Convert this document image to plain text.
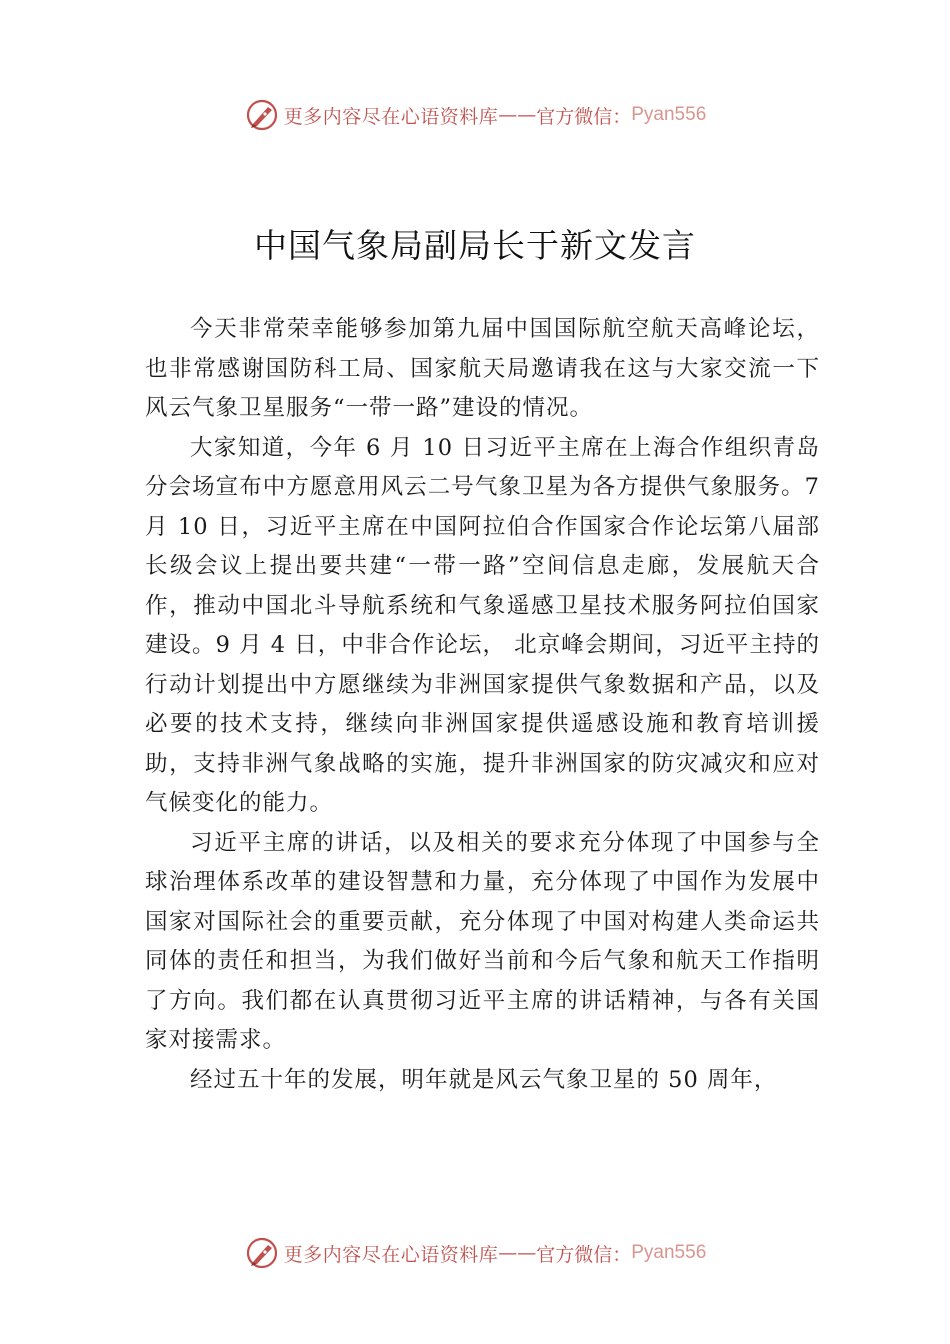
更多内容尽在心语资料库 —— 官方微信： Pyan556
中国气象局副局长于新文发言

今天非常荣幸能够参加第九届中国国际航空航天高峰论坛，也非常感谢国防科工局、国家航天局邀请我在这与大家交流一下风云气象卫星服务“一带一路”建设的情况。

大家知道，今年 6 月 10 日习近平主席在上海合作组织青岛分会场宣布中方愿意用风云二号气象卫星为各方提供气象服务。7 月 10 日，习近平主席在中国阿拉伯合作国家合作论坛第八届部长级会议上提出要共建“一带一路”空间信息走廊，发展航天合作，推动中国北斗导航系统和气象遥感卫星技术服务阿拉伯国家建设。9 月 4 日，中非合作论坛， 北京峰会期间，习近平主持的行动计划提出中方愿继续为非洲国家提供气象数据和产品，以及必要的技术支持，继续向非洲国家提供遥感设施和教育培训援助，支持非洲气象战略的实施，提升非洲国家的防灾减灾和应对气候变化的能力。

习近平主席的讲话，以及相关的要求充分体现了中国参与全球治理体系改革的建设智慧和力量，充分体现了中国作为发展中国家对国际社会的重要贡献，充分体现了中国对构建人类命运共同体的责任和担当，为我们做好当前和今后气象和航天工作指明了方向。我们都在认真贯彻习近平主席的讲话精神，与各有关国家对接需求。

经过五十年的发展，明年就是风云气象卫星的 50 周年，

更多内容尽在心语资料库 —— 官方微信： Pyan556
